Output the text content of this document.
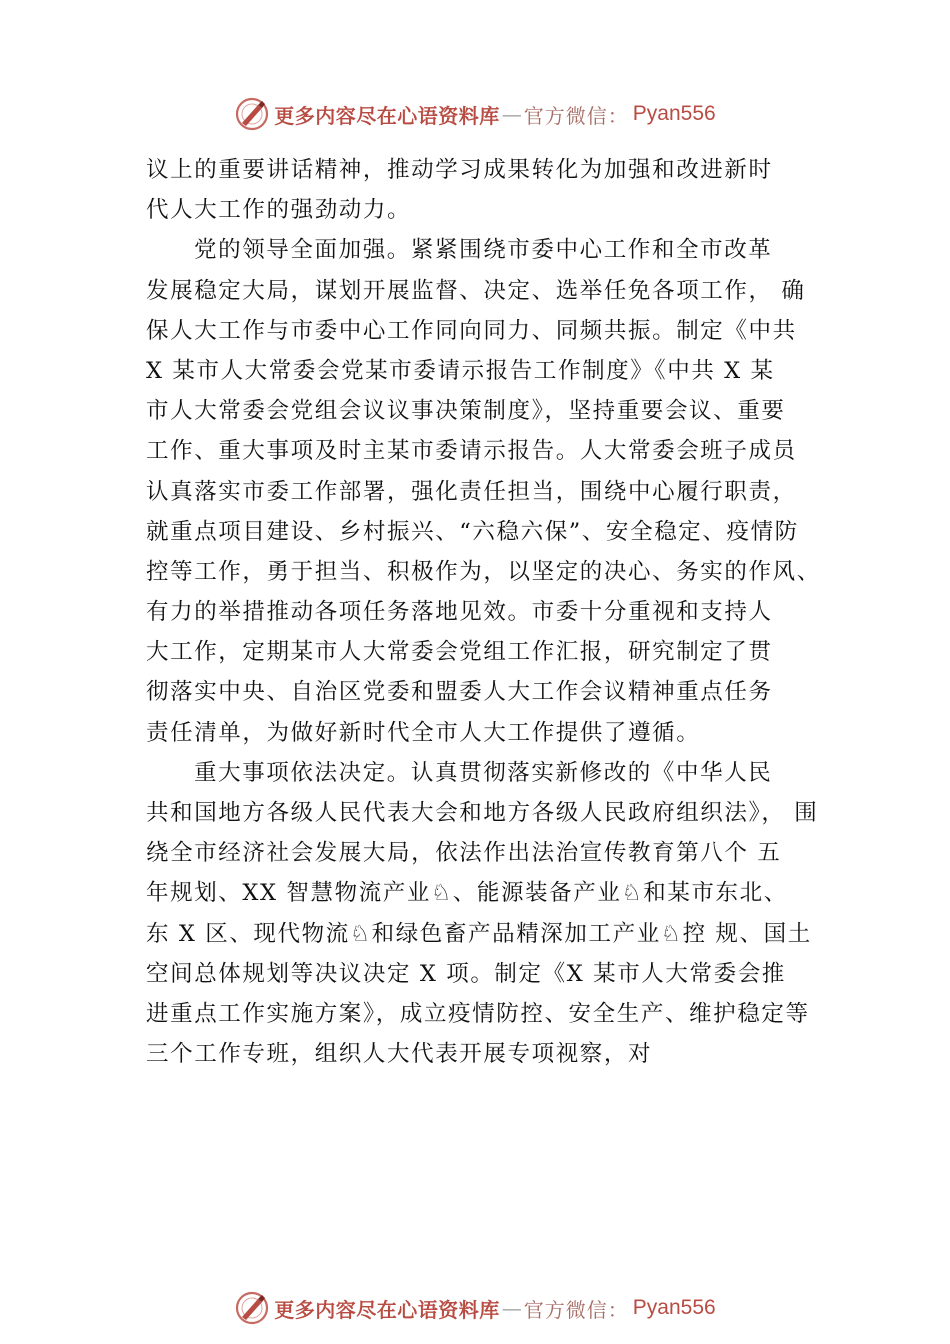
更多内容尽在心语资料库 — 官方微信： Pyan556
议上的重要讲话精神，推动学习成果转化为加强和改进新时
代人大工作的强劲动力。
党的领导全面加强。紧紧围绕市委中心工作和全市改革
发展稳定大局，谋划开展监督、决定、选举任免各项工作， 确
保人大工作与市委中心工作同向同力、同频共振。制定《中共
X 某市人大常委会党某市委请示报告工作制度》《中共 X 某
市人大常委会党组会议议事决策制度》，坚持重要会议、重要
工作、重大事项及时主某市委请示报告。人大常委会班子成员
认真落实市委工作部署，强化责任担当，围绕中心履行职责，
就重点项目建设、乡村振兴、“六稳六保”、安全稳定、疫情防
控等工作，勇于担当、积极作为，以坚定的决心、务实的作风、
有力的举措推动各项任务落地见效。市委十分重视和支持人
大工作，定期某市人大常委会党组工作汇报，研究制定了贯
彻落实中央、自治区党委和盟委人大工作会议精神重点任务
责任清单，为做好新时代全市人大工作提供了遵循。
重大事项依法决定。认真贯彻落实新修改的《中华人民
共和国地方各级人民代表大会和地方各级人民政府组织法》， 围
绕全市经济社会发展大局，依法作出法治宣传教育第八个 五
年规划、XX 智慧物流产业♘、能源装备产业♘和某市东北、
东 X 区、现代物流♘和绿色畜产品精深加工产业♘控 规、国土
空间总体规划等决议决定 X 项。制定《X 某市人大常委会推
进重点工作实施方案》，成立疫情防控、安全生产、维护稳定等
三个工作专班，组织人大代表开展专项视察，对
更多内容尽在心语资料库 — 官方微信： Pyan556
